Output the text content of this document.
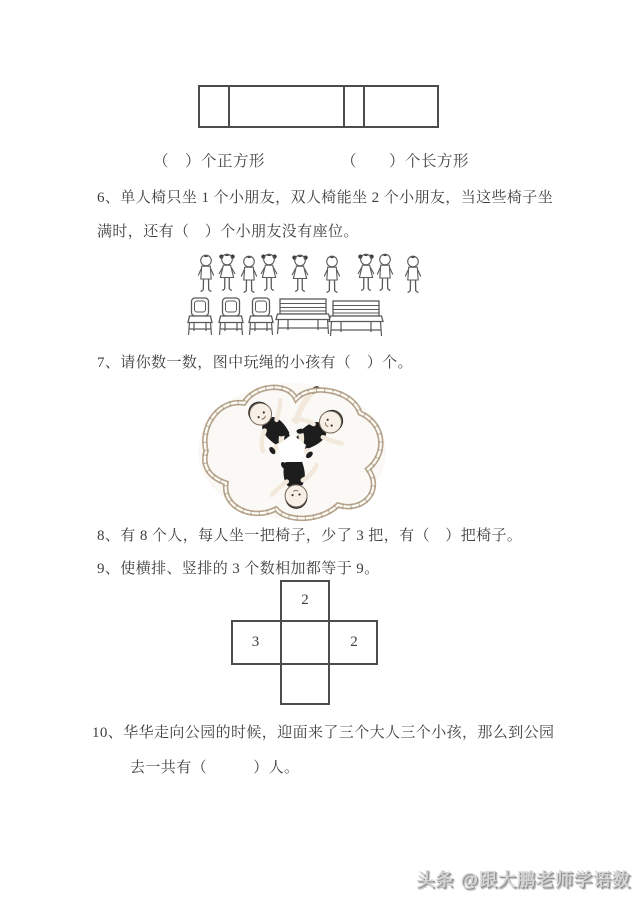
（　）个正方形	（　　）个长方形
6、单人椅只坐 1 个小朋友，双人椅能坐 2 个小朋友，当这些椅子坐
满时，还有（　）个小朋友没有座位。
7、请你数一数，图中玩绳的小孩有（　）个。
8、有 8 个人，每人坐一把椅子，少了 3 把，有（　）把椅子。
9、使横排、竖排的 3 个数相加都等于 9。
2
3	2
10、华华走向公园的时候，迎面来了三个大人三个小孩，那么到公园
去一共有（　　　）人。
头条 @跟大鹏老师学语数
